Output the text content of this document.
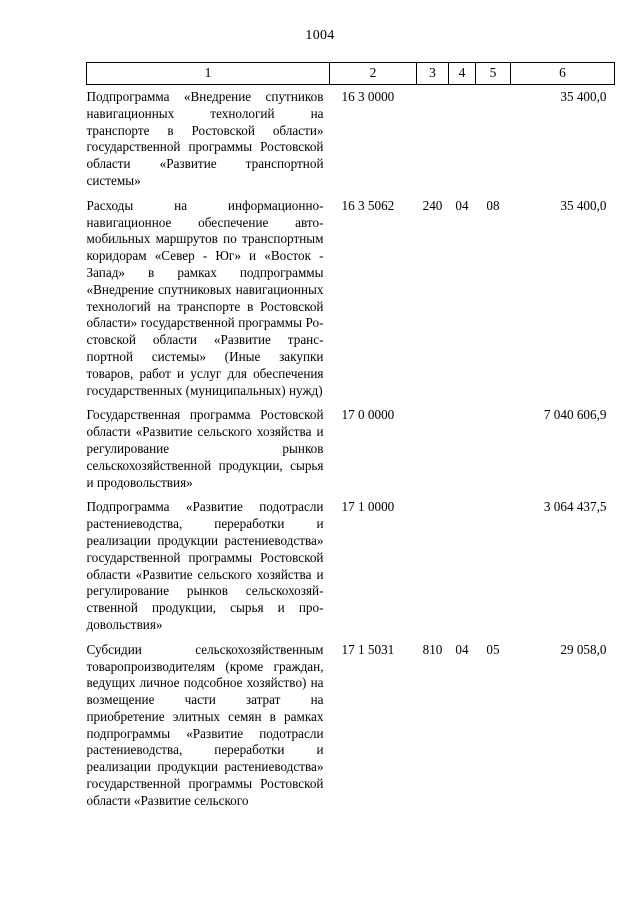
1004
1	2	3	4	5	6
Подпрограмма «Внедрение спутников навигационных технологий на транспорте в Ростовской области» государственной программы Ростовской области «Развитие транспортной системы»	16 3 0000				35 400,0
Расходы на информационно-навигационное обеспечение автомобильных маршрутов по транспортным коридорам «Север - Юг» и «Восток - Запад» в рамках подпрограммы «Внедрение спутниковых навигационных технологий на транспорте в Ростовской области» государственной программы Ростовской области «Развитие транспортной системы» (Иные закупки товаров, работ и услуг для обеспечения государственных (муниципальных) нужд)	16 3 5062	240	04	08	35 400,0
Государственная программа Ростовской области «Развитие сельского хозяйства и регулирование рынков сельскохозяйственной продукции, сырья и продовольствия»	17 0 0000				7 040 606,9
Подпрограмма «Развитие подотрасли растениеводства, переработки и реализации продукции растениеводства» государственной программы Ростовской области «Развитие сельского хозяйства и регулирование рынков сельскохозяйственной продукции, сырья и продовольствия»	17 1 0000				3 064 437,5
Субсидии сельскохозяйственным товаропроизводителям (кроме граждан, ведущих личное подсобное хозяйство) на возмещение части затрат на приобретение элитных семян в рамках подпрограммы «Развитие подотрасли растениеводства, переработки и реализации продукции растениеводства» государственной программы Ростовской области «Развитие сельского	17 1 5031	810	04	05	29 058,0
